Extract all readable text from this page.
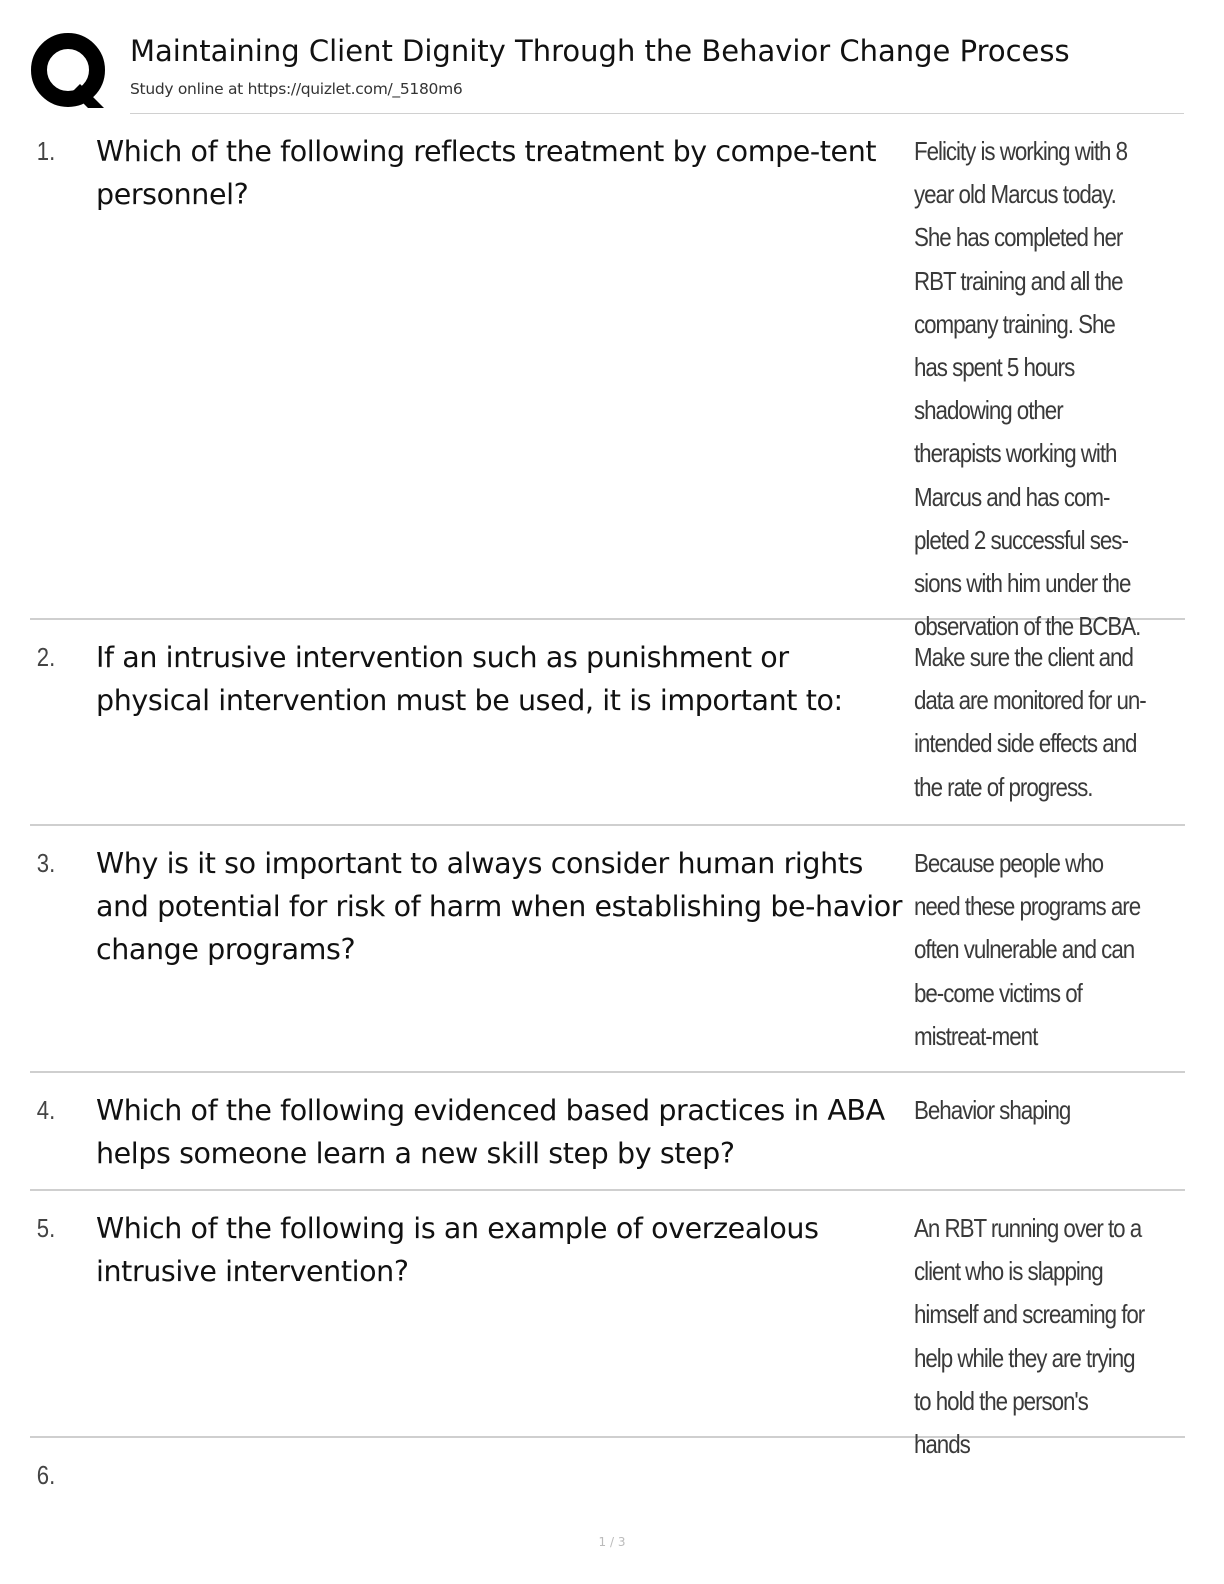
Maintaining Client Dignity Through the Behavior Change Process
Study online at https://quizlet.com/_5180m6
1.	Which of the following reflects treatment by compe-tent personnel?
Felicity is working with 8 year old Marcus today. She has completed her RBT training and all the company training. She has spent 5 hours shadowing other therapists working with Marcus and has com-pleted 2 successful ses-sions with him under the observation of the BCBA.
2.	If an intrusive intervention such as punishment or physical intervention must be used, it is important to:
Make sure the client and data are monitored for un-intended side effects and the rate of progress.
3.	Why is it so important to always consider human rights and potential for risk of harm when establishing be-havior change programs?
Because people who need these programs are often vulnerable and can be-come victims of mistreat-ment
4.	Which of the following evidenced based practices in ABA helps someone learn a new skill step by step?
Behavior shaping
5.	Which of the following is an example of overzealous intrusive intervention?
An RBT running over to a client who is slapping himself and screaming for help while they are trying to hold the person's hands
6.
1 / 3
